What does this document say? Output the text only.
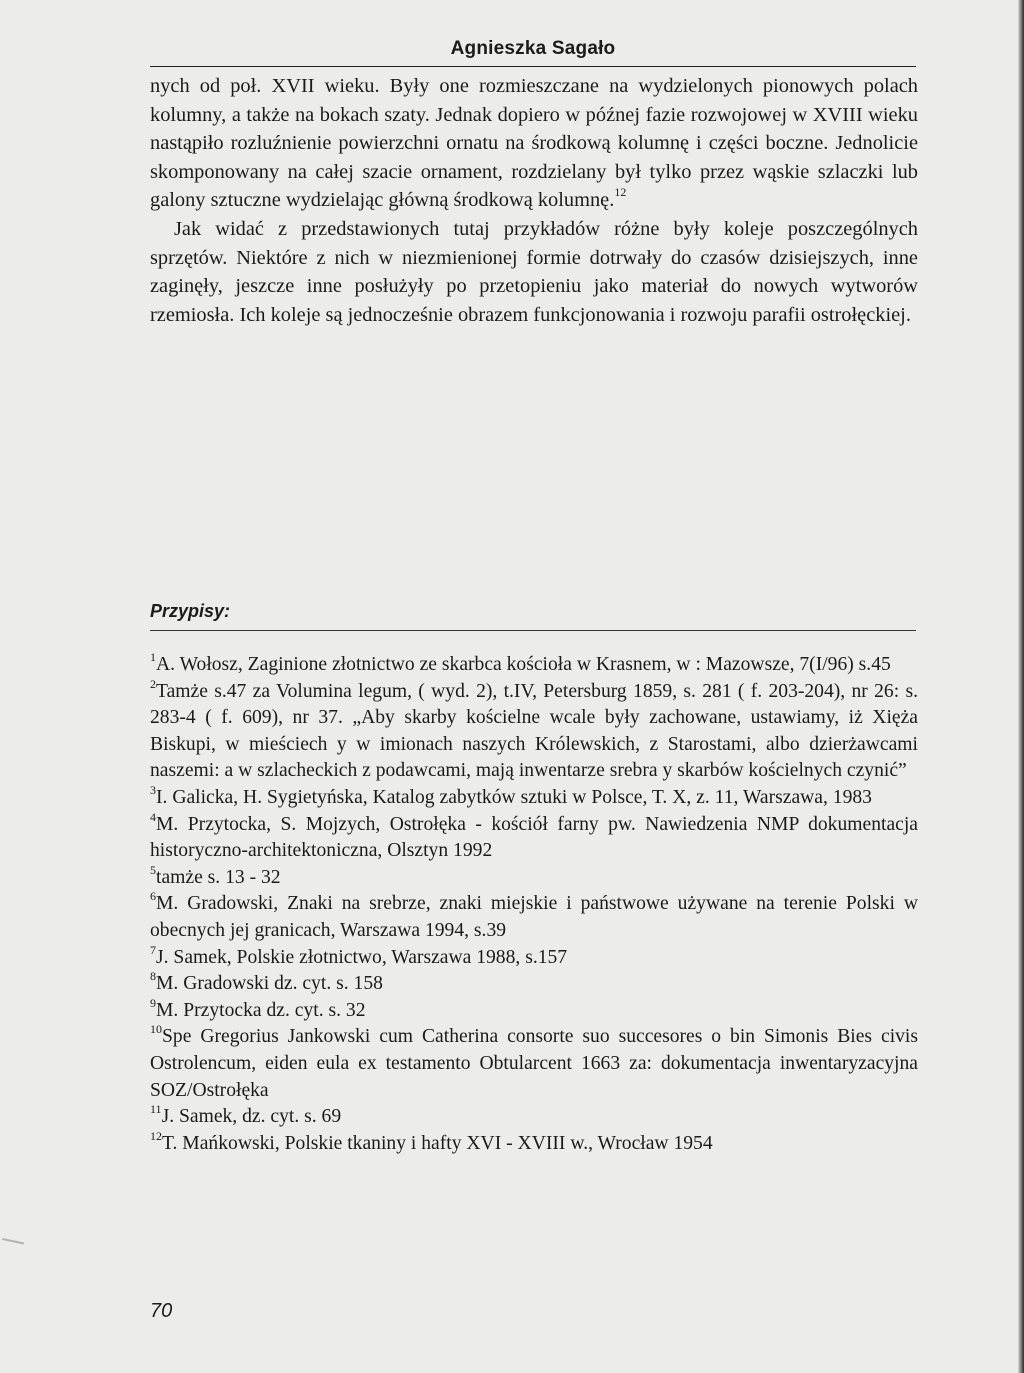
Agnieszka Sagało

nych od poł. XVII wieku. Były one rozmieszczane na wydzielonych pionowych polach kolumny, a także na bokach szaty. Jednak dopiero w późnej fazie rozwojowej w XVIII wieku nastąpiło rozluźnienie powierzchni ornatu na środkową kolumnę i części boczne. Jednolicie skomponowany na całej szacie ornament, rozdzielany był tylko przez wąskie szlaczki lub galony sztuczne wydzielając główną środkową kolumnę.$^{12}$

Jak widać z przedstawionych tutaj przykładów różne były koleje poszczególnych sprzętów. Niektóre z nich w niezmienionej formie dotrwały do czasów dzisiejszych, inne zaginęły, jeszcze inne posłużyły po przetopieniu jako materiał do nowych wytworów rzemiosła. Ich koleje są jednocześnie obrazem funkcjonowania i rozwoju parafii ostrołęckiej.

Przypisy:

$^1$A. Wołosz, Zaginione złotnictwo ze skarbca kościoła w Krasnem, w : Mazowsze, 7(I/96) s.45

$^2$Tamże s.47 za Volumina legum, ( wyd. 2), t.IV, Petersburg 1859, s. 281 ( f. 203-204), nr 26: s. 283-4 ( f. 609), nr 37. „Aby skarby kościelne wcale były zachowane, ustawiamy, iż Xięża Biskupi, w mieściech y w imionach naszych Królewskich, z Starostami, albo dzierżawcami naszemi: a w szlacheckich z podawcami, mają inwentarze srebra y skarbów kościelnych czynić”

$^3$I. Galicka, H. Sygietyńska, Katalog zabytków sztuki w Polsce, T. X, z. 11, Warszawa, 1983

$^4$M. Przytocka, S. Mojzych, Ostrołęka - kościół farny pw. Nawiedzenia NMP dokumentacja historyczno-architektoniczna, Olsztyn 1992

$^5$tamże s. 13 - 32

$^6$M. Gradowski, Znaki na srebrze, znaki miejskie i państwowe używane na terenie Polski w obecnych jej granicach, Warszawa 1994, s.39

$^7$J. Samek, Polskie złotnictwo, Warszawa 1988, s.157

$^8$M. Gradowski dz. cyt. s. 158

$^9$M. Przytocka dz. cyt. s. 32

$^{10}$Spe Gregorius Jankowski cum Catherina consorte suo succesores o bin Simonis Bies civis Ostrolencum, eiden eula ex testamento Obtularcent 1663 za: dokumentacja inwentaryzacyjna SOZ/Ostrołęka

$^{11}$J. Samek, dz. cyt. s. 69

$^{12}$T. Mańkowski, Polskie tkaniny i hafty XVI - XVIII w., Wrocław 1954

70
